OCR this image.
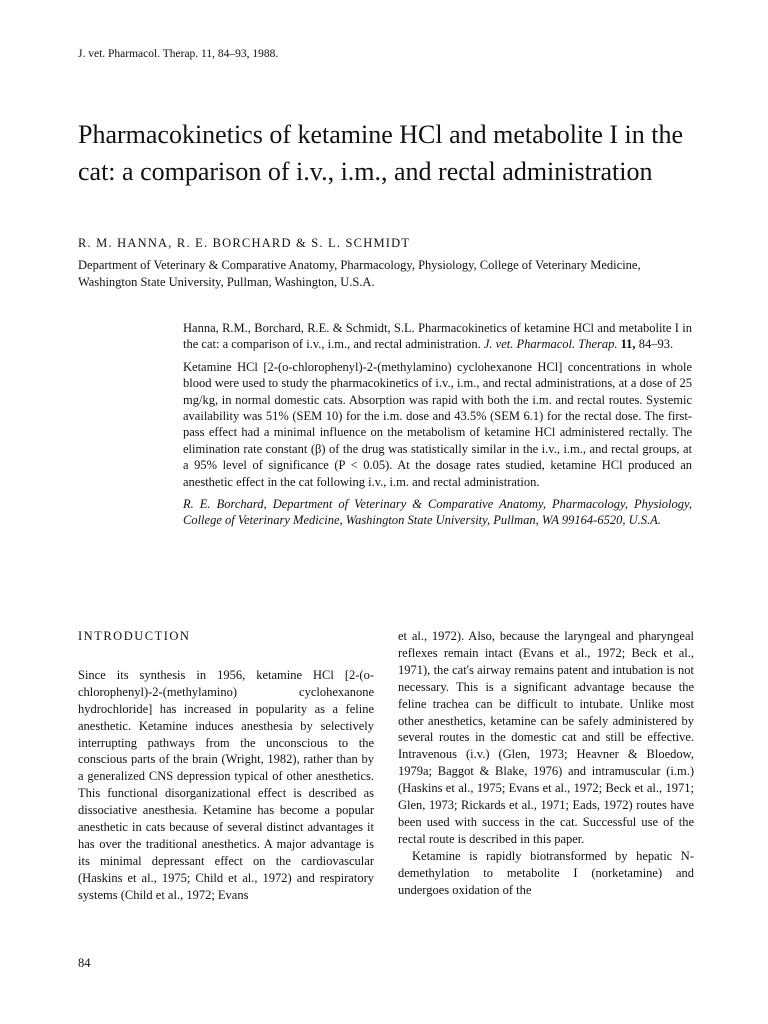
J. vet. Pharmacol. Therap. 11, 84–93, 1988.
Pharmacokinetics of ketamine HCl and metabolite I in the cat: a comparison of i.v., i.m., and rectal administration
R. M. HANNA, R. E. BORCHARD & S. L. SCHMIDT
Department of Veterinary & Comparative Anatomy, Pharmacology, Physiology, College of Veterinary Medicine, Washington State University, Pullman, Washington, U.S.A.

Hanna, R.M., Borchard, R.E. & Schmidt, S.L. Pharmacokinetics of ketamine HCl and metabolite I in the cat: a comparison of i.v., i.m., and rectal administration. J. vet. Pharmacol. Therap. 11, 84–93.

Ketamine HCl [2-(o-chlorophenyl)-2-(methylamino) cyclohexanone HCl] concentrations in whole blood were used to study the pharmacokinetics of i.v., i.m., and rectal administrations, at a dose of 25 mg/kg, in normal domestic cats. Absorption was rapid with both the i.m. and rectal routes. Systemic availability was 51% (SEM 10) for the i.m. dose and 43.5% (SEM 6.1) for the rectal dose. The first-pass effect had a minimal influence on the metabolism of ketamine HCl administered rectally. The elimination rate constant (β) of the drug was statistically similar in the i.v., i.m., and rectal groups, at a 95% level of significance (P < 0.05). At the dosage rates studied, ketamine HCl produced an anesthetic effect in the cat following i.v., i.m. and rectal administration.

R. E. Borchard, Department of Veterinary & Comparative Anatomy, Pharmacology, Physiology, College of Veterinary Medicine, Washington State University, Pullman, WA 99164-6520, U.S.A.

INTRODUCTION

Since its synthesis in 1956, ketamine HCl [2-(o-chlorophenyl)-2-(methylamino) cyclohexanone hydrochloride] has increased in popularity as a feline anesthetic. Ketamine induces anesthesia by selectively interrupting pathways from the unconscious to the conscious parts of the brain (Wright, 1982), rather than by a generalized CNS depression typical of other anesthetics. This functional disorganizational effect is described as dissociative anesthesia. Ketamine has become a popular anesthetic in cats because of several distinct advantages it has over the traditional anesthetics. A major advantage is its minimal depressant effect on the cardiovascular (Haskins et al., 1975; Child et al., 1972) and respiratory systems (Child et al., 1972; Evans

et al., 1972). Also, because the laryngeal and pharyngeal reflexes remain intact (Evans et al., 1972; Beck et al., 1971), the cat's airway remains patent and intubation is not necessary. This is a significant advantage because the feline trachea can be difficult to intubate. Unlike most other anesthetics, ketamine can be safely administered by several routes in the domestic cat and still be effective. Intravenous (i.v.) (Glen, 1973; Heavner & Bloedow, 1979a; Baggot & Blake, 1976) and intramuscular (i.m.) (Haskins et al., 1975; Evans et al., 1972; Beck et al., 1971; Glen, 1973; Rickards et al., 1971; Eads, 1972) routes have been used with success in the cat. Successful use of the rectal route is described in this paper.

Ketamine is rapidly biotransformed by hepatic N-demethylation to metabolite I (norketamine) and undergoes oxidation of the

84
